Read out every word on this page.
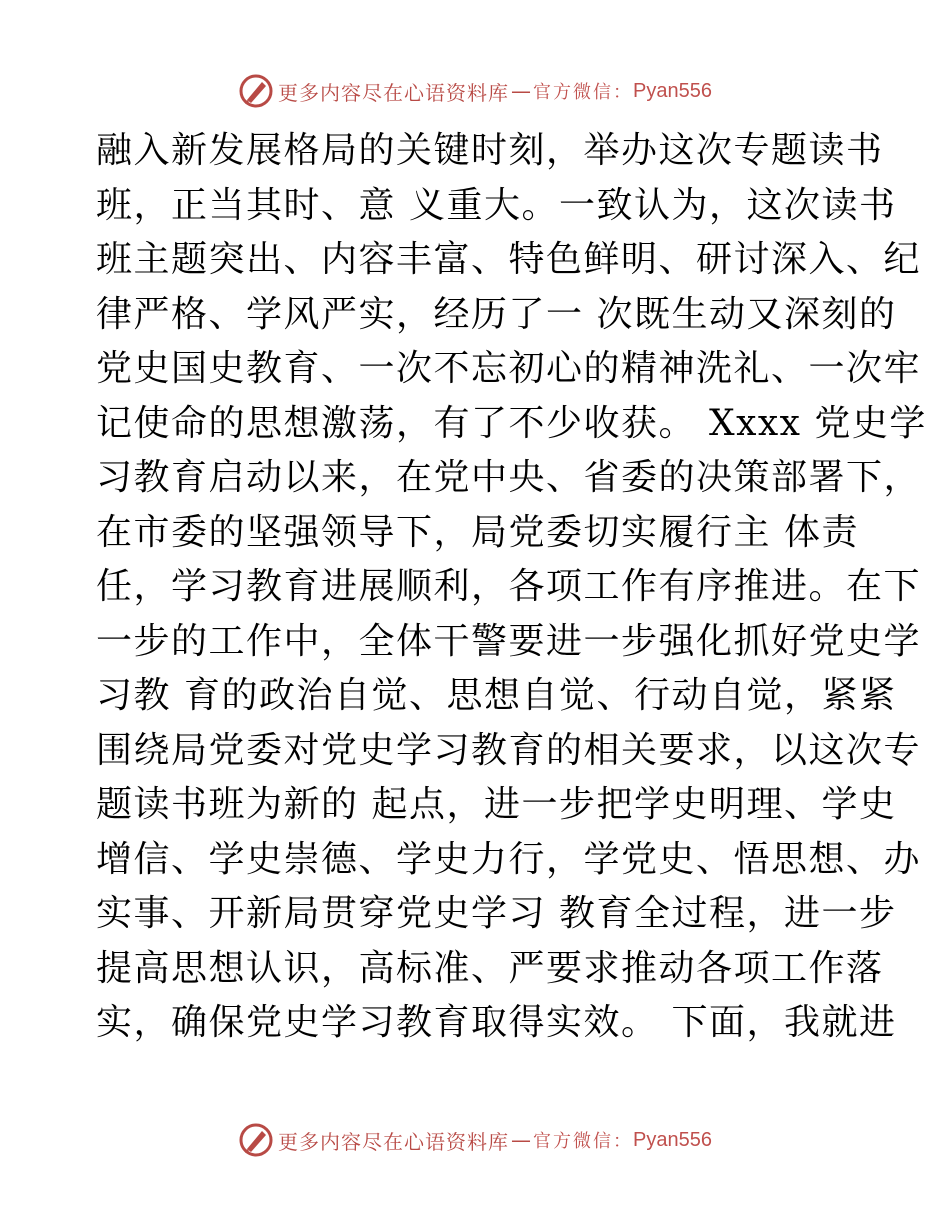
更多内容尽在心语资料库 — 官方微信： Pyan556
融入新发展格局的关键时刻，举办这次专题读书
班，正当其时、意 义重大。一致认为，这次读书
班主题突出、内容丰富、特色鲜明、研讨深入、纪
律严格、学风严实，经历了一 次既生动又深刻的
党史国史教育、一次不忘初心的精神洗礼、一次牢
记使命的思想激荡，有了不少收获。 Xxxx 党史学
习教育启动以来，在党中央、省委的决策部署下，
在市委的坚强领导下，局党委切实履行主 体责
任，学习教育进展顺利，各项工作有序推进。在下
一步的工作中，全体干警要进一步强化抓好党史学
习教 育的政治自觉、思想自觉、行动自觉，紧紧
围绕局党委对党史学习教育的相关要求，以这次专
题读书班为新的 起点，进一步把学史明理、学史
增信、学史崇德、学史力行，学党史、悟思想、办
实事、开新局贯穿党史学习 教育全过程，进一步
提高思想认识，高标准、严要求推动各项工作落
实，确保党史学习教育取得实效。 下面，我就进
更多内容尽在心语资料库 — 官方微信： Pyan556
